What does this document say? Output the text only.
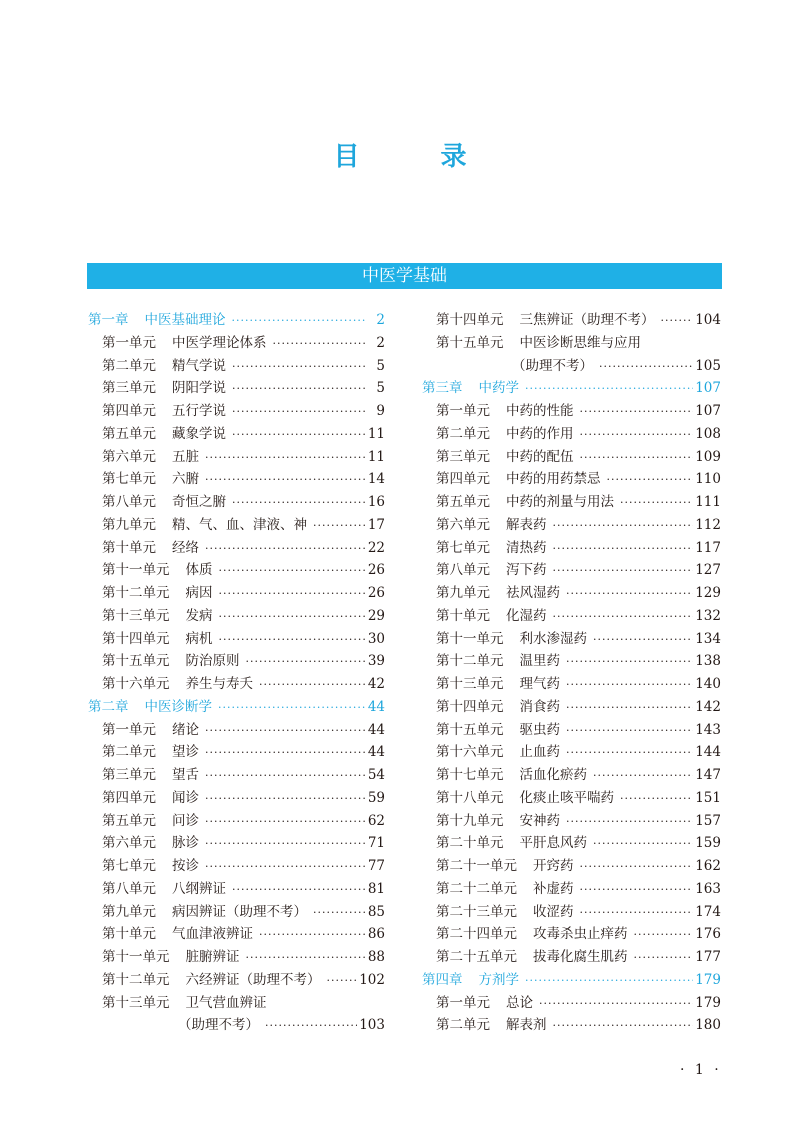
目 录
中医学基础
第一章 中医基础理论 ·····	2
第一单元 中医学理论体系 ·····	2
第二单元 精气学说 ·····	5
第三单元 阴阳学说 ·····	5
第四单元 五行学说 ·····	9
第五单元 藏象学说 ·····	11
第六单元 五脏 ·····	11
第七单元 六腑 ·····	14
第八单元 奇恒之腑 ·····	16
第九单元 精、气、血、津液、神 ·····	17
第十单元 经络 ·····	22
第十一单元 体质 ·····	26
第十二单元 病因 ·····	26
第十三单元 发病 ·····	29
第十四单元 病机 ·····	30
第十五单元 防治原则 ·····	39
第十六单元 养生与寿夭 ·····	42
第二章 中医诊断学 ·····	44
第一单元 绪论 ·····	44
第二单元 望诊 ·····	44
第三单元 望舌 ·····	54
第四单元 闻诊 ·····	59
第五单元 问诊 ·····	62
第六单元 脉诊 ·····	71
第七单元 按诊 ·····	77
第八单元 八纲辨证 ·····	81
第九单元 病因辨证（助理不考） ·····	85
第十单元 气血津液辨证 ·····	86
第十一单元 脏腑辨证 ·····	88
第十二单元 六经辨证（助理不考） ·····	102
第十三单元 卫气营血辨证
（助理不考） ·····	103
第十四单元 三焦辨证（助理不考） ·····	104
第十五单元 中医诊断思维与应用
（助理不考） ·····	105
第三章 中药学 ·····	107
第一单元 中药的性能 ·····	107
第二单元 中药的作用 ·····	108
第三单元 中药的配伍 ·····	109
第四单元 中药的用药禁忌 ·····	110
第五单元 中药的剂量与用法 ·····	111
第六单元 解表药 ·····	112
第七单元 清热药 ·····	117
第八单元 泻下药 ·····	127
第九单元 祛风湿药 ·····	129
第十单元 化湿药 ·····	132
第十一单元 利水渗湿药 ·····	134
第十二单元 温里药 ·····	138
第十三单元 理气药 ·····	140
第十四单元 消食药 ·····	142
第十五单元 驱虫药 ·····	143
第十六单元 止血药 ·····	144
第十七单元 活血化瘀药 ·····	147
第十八单元 化痰止咳平喘药 ·····	151
第十九单元 安神药 ·····	157
第二十单元 平肝息风药 ·····	159
第二十一单元 开窍药 ·····	162
第二十二单元 补虚药 ·····	163
第二十三单元 收涩药 ·····	174
第二十四单元 攻毒杀虫止痒药 ·····	176
第二十五单元 拔毒化腐生肌药 ·····	177
第四章 方剂学 ·····	179
第一单元 总论 ·····	179
第二单元 解表剂 ·····	180
· 1 ·
